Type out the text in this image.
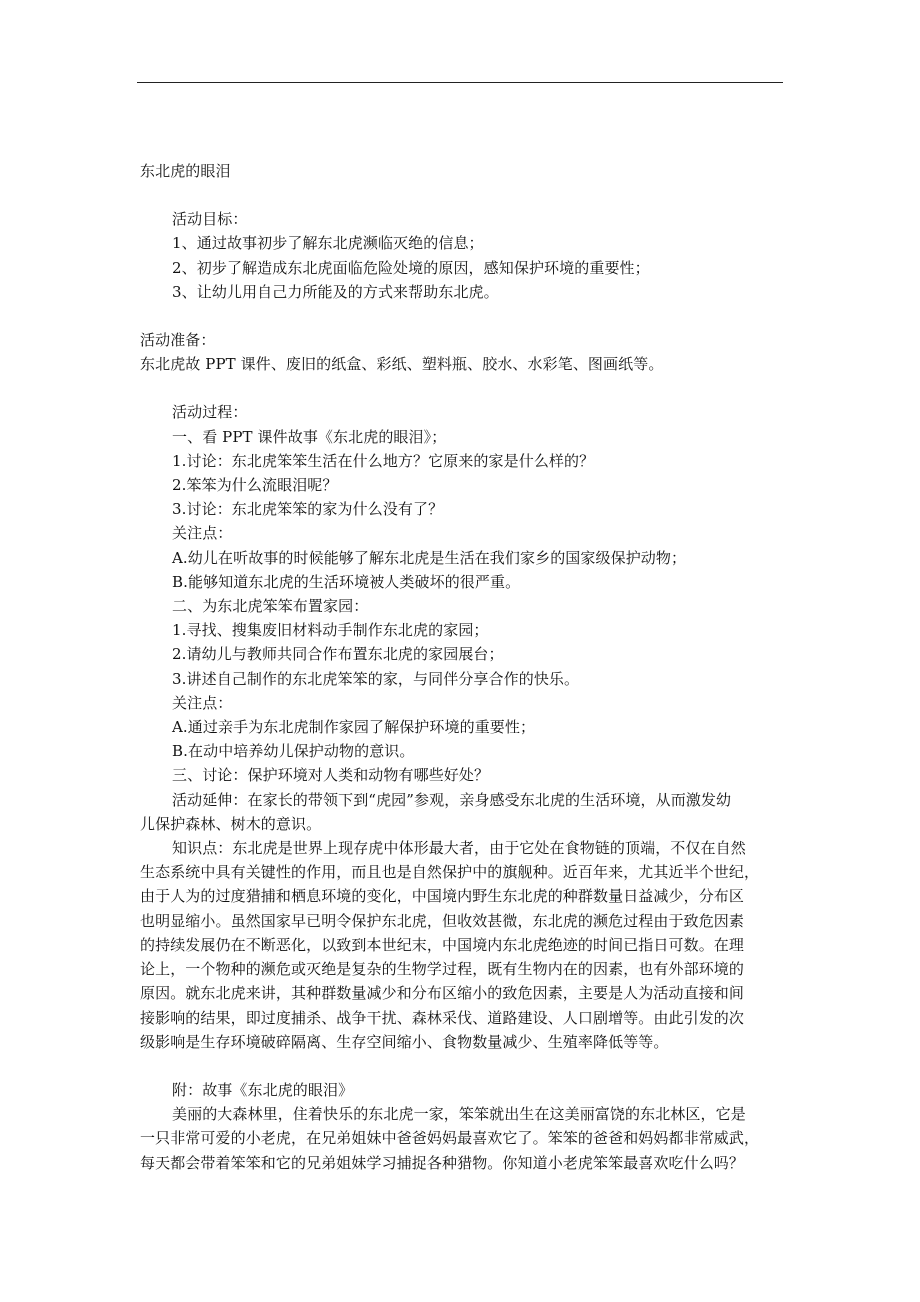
东北虎的眼泪

活动目标：

1、通过故事初步了解东北虎濒临灭绝的信息；

2、初步了解造成东北虎面临危险处境的原因，感知保护环境的重要性；

3、让幼儿用自己力所能及的方式来帮助东北虎。

活动准备：

东北虎故 PPT 课件、废旧的纸盒、彩纸、塑料瓶、胶水、水彩笔、图画纸等。

活动过程：

一、看 PPT 课件故事《东北虎的眼泪》；

1.讨论：东北虎笨笨生活在什么地方？它原来的家是什么样的？

2.笨笨为什么流眼泪呢？

3.讨论：东北虎笨笨的家为什么没有了？

关注点：

A.幼儿在听故事的时候能够了解东北虎是生活在我们家乡的国家级保护动物；

B.能够知道东北虎的生活环境被人类破坏的很严重。

二、为东北虎笨笨布置家园：

1.寻找、搜集废旧材料动手制作东北虎的家园；

2.请幼儿与教师共同合作布置东北虎的家园展台；

3.讲述自己制作的东北虎笨笨的家，与同伴分享合作的快乐。

关注点：

A.通过亲手为东北虎制作家园了解保护环境的重要性；

B.在动中培养幼儿保护动物的意识。

三、讨论：保护环境对人类和动物有哪些好处？

活动延伸：在家长的带领下到“虎园”参观，亲身感受东北虎的生活环境，从而激发幼

儿保护森林、树木的意识。

知识点：东北虎是世界上现存虎中体形最大者，由于它处在食物链的顶端，不仅在自然

生态系统中具有关键性的作用，而且也是自然保护中的旗舰种。近百年来，尤其近半个世纪，

由于人为的过度猎捕和栖息环境的变化，中国境内野生东北虎的种群数量日益减少，分布区

也明显缩小。虽然国家早已明令保护东北虎，但收效甚微，东北虎的濒危过程由于致危因素

的持续发展仍在不断恶化，以致到本世纪末，中国境内东北虎绝迹的时间已指日可数。在理

论上，一个物种的濒危或灭绝是复杂的生物学过程，既有生物内在的因素，也有外部环境的

原因。就东北虎来讲，其种群数量减少和分布区缩小的致危因素，主要是人为活动直接和间

接影响的结果，即过度捕杀、战争干扰、森林采伐、道路建设、人口剧增等。由此引发的次

级影响是生存环境破碎隔离、生存空间缩小、食物数量减少、生殖率降低等等。

附：故事《东北虎的眼泪》

美丽的大森林里，住着快乐的东北虎一家，笨笨就出生在这美丽富饶的东北林区，它是

一只非常可爱的小老虎，在兄弟姐妹中爸爸妈妈最喜欢它了。笨笨的爸爸和妈妈都非常威武，

每天都会带着笨笨和它的兄弟姐妹学习捕捉各种猎物。你知道小老虎笨笨最喜欢吃什么吗？
